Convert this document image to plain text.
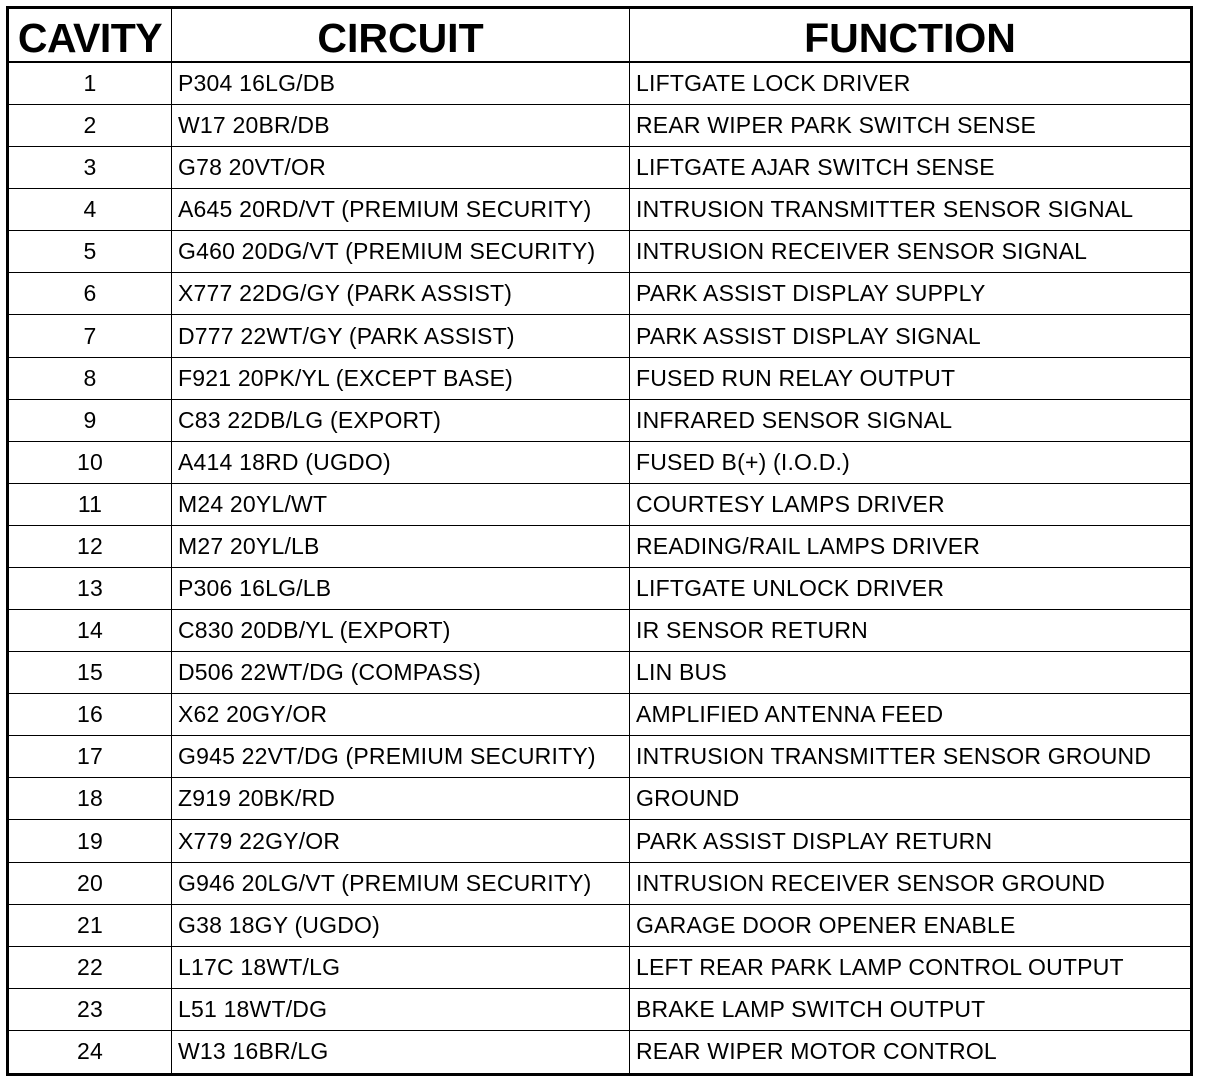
CAVITY	CIRCUIT	FUNCTION
1	P304 16LG/DB	LIFTGATE LOCK DRIVER
2	W17 20BR/DB	REAR WIPER PARK SWITCH SENSE
3	G78 20VT/OR	LIFTGATE AJAR SWITCH SENSE
4	A645 20RD/VT (PREMIUM SECURITY)	INTRUSION TRANSMITTER SENSOR SIGNAL
5	G460 20DG/VT (PREMIUM SECURITY)	INTRUSION RECEIVER SENSOR SIGNAL
6	X777 22DG/GY (PARK ASSIST)	PARK ASSIST DISPLAY SUPPLY
7	D777 22WT/GY (PARK ASSIST)	PARK ASSIST DISPLAY SIGNAL
8	F921 20PK/YL (EXCEPT BASE)	FUSED RUN RELAY OUTPUT
9	C83 22DB/LG (EXPORT)	INFRARED SENSOR SIGNAL
10	A414 18RD (UGDO)	FUSED B(+) (I.O.D.)
11	M24 20YL/WT	COURTESY LAMPS DRIVER
12	M27 20YL/LB	READING/RAIL LAMPS DRIVER
13	P306 16LG/LB	LIFTGATE UNLOCK DRIVER
14	C830 20DB/YL (EXPORT)	IR SENSOR RETURN
15	D506 22WT/DG (COMPASS)	LIN BUS
16	X62 20GY/OR	AMPLIFIED ANTENNA FEED
17	G945 22VT/DG (PREMIUM SECURITY)	INTRUSION TRANSMITTER SENSOR GROUND
18	Z919 20BK/RD	GROUND
19	X779 22GY/OR	PARK ASSIST DISPLAY RETURN
20	G946 20LG/VT (PREMIUM SECURITY)	INTRUSION RECEIVER SENSOR GROUND
21	G38 18GY (UGDO)	GARAGE DOOR OPENER ENABLE
22	L17C 18WT/LG	LEFT REAR PARK LAMP CONTROL OUTPUT
23	L51 18WT/DG	BRAKE LAMP SWITCH OUTPUT
24	W13 16BR/LG	REAR WIPER MOTOR CONTROL
